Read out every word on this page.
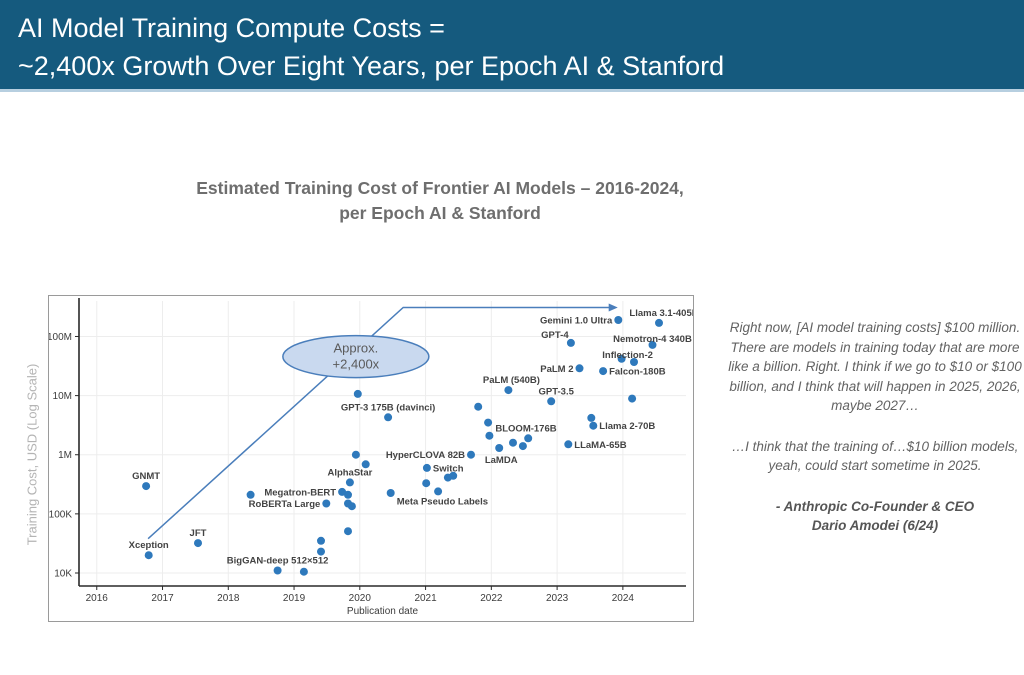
AI Model Training Compute Costs =
~2,400x Growth Over Eight Years, per Epoch AI & Stanford
Estimated Training Cost of Frontier AI Models – 2016-2024,
per Epoch AI & Stanford
Training Cost, USD (Log Scale)
2016	2017	2018	2019	2020	2021	2022	2023	2024
100M
10M
1M
100K
10K
Publication date
Approx.
+2,400x
GNMT
Xception
JFT
BigGAN-deep 512×512
Megatron-BERT
RoBERTa Large
AlphaStar
GPT-3 175B (davinci)
Meta Pseudo Labels
Switch
HyperCLOVA 82B LaMDA
BLOOM-176B
PaLM (540B)
GPT-3.5
LLaMA-65B
Llama 2-70B
PaLM 2	Falcon-180B
Inflection-2
GPT-4
Gemini 1.0 Ultra
Nemotron-4 340B
Llama 3.1-405B

Right now, [AI model training costs] $100 million. There are models in training today that are more like a billion. Right. I think if we go to $10 or $100 billion, and I think that will happen in 2025, 2026, maybe 2027…

…I think that the training of…$10 billion models, yeah, could start sometime in 2025.

- Anthropic Co-Founder & CEO
Dario Amodei (6/24)
